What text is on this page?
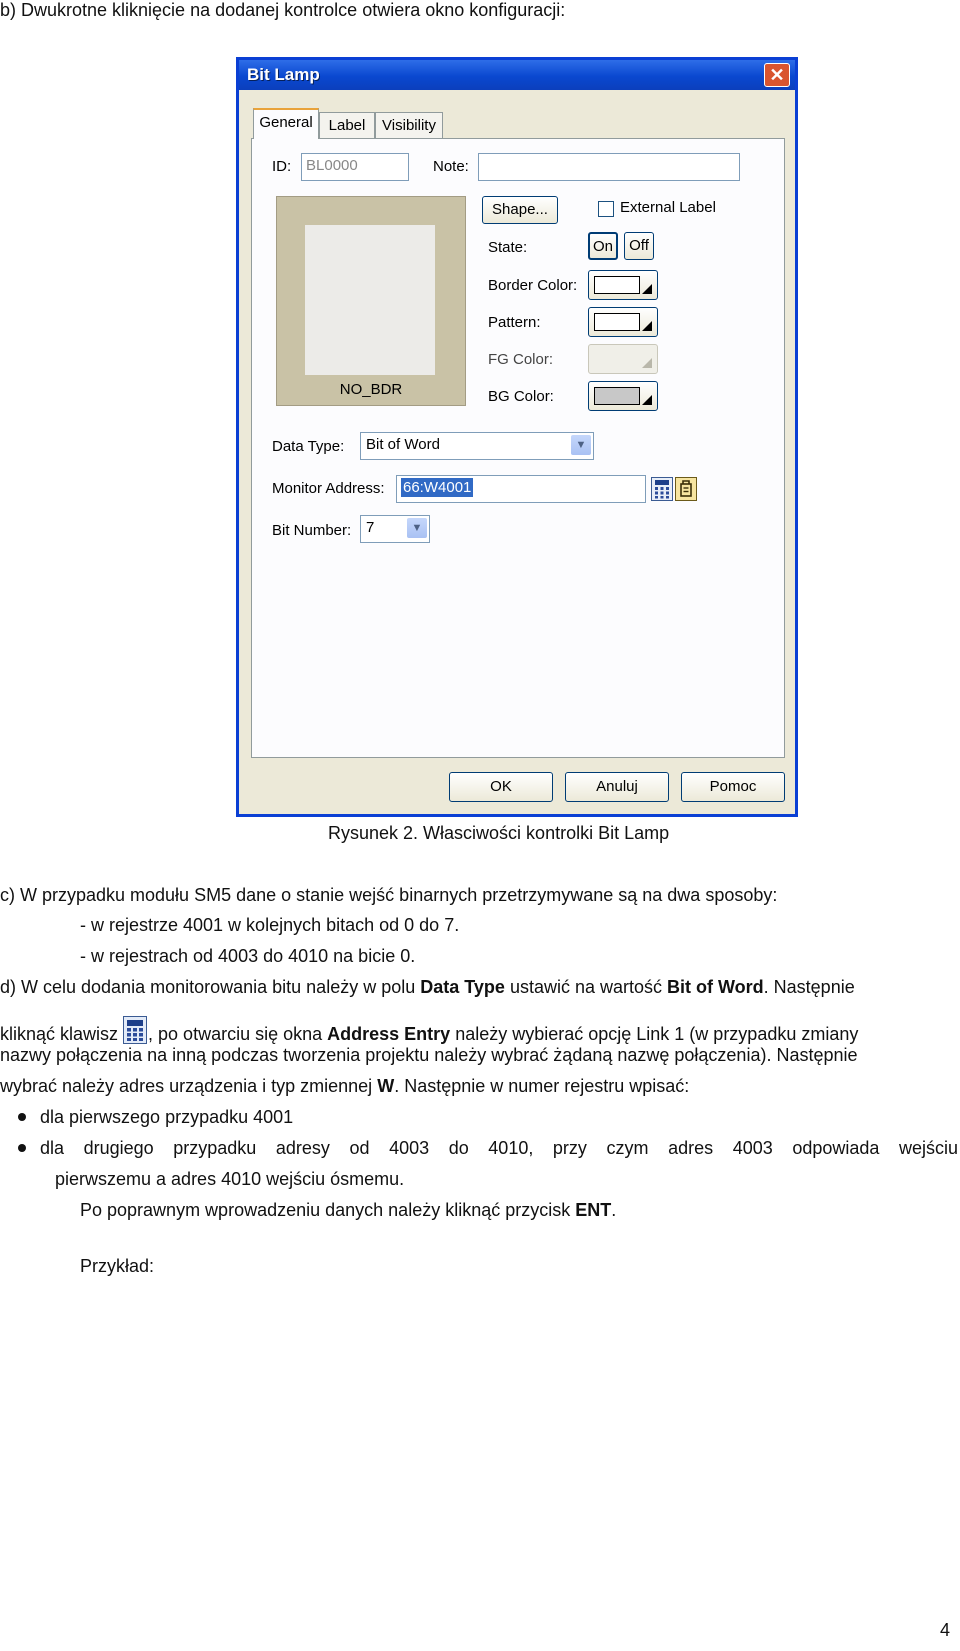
b) Dwukrotne kliknięcie na dodanej kontrolce otwiera okno konfiguracji:
Bit Lamp	✕
General	Label	Visibility
ID: BL0000	Note:
NO_BDR
Shape...	External Label
State:	On	Off
Border Color:
Pattern:
FG Color:
BG Color:
Data Type:	Bit of Word	▼
Monitor Address:	66:W4001
Bit Number: 7	▼
OK	Anuluj	Pomoc
Rysunek 2. Własciwości kontrolki Bit Lamp
c) W przypadku modułu SM5 dane o stanie wejść binarnych przetrzymywane są na dwa sposoby:
- w rejestrze 4001 w kolejnych bitach od 0 do 7.
- w rejestrach od 4003 do 4010 na bicie 0.
d) W celu dodania monitorowania bitu należy w polu Data Type ustawić na wartość Bit of Word. Następnie
kliknąć klawisz
, po otwarciu się okna Address Entry należy wybierać opcję Link 1 (w przypadku zmiany
nazwy połączenia na inną podczas tworzenia projektu należy wybrać żądaną nazwę połączenia). Następnie
wybrać należy adres urządzenia i typ zmiennej W. Następnie w numer rejestru wpisać:
dla pierwszego przypadku 4001
dla drugiego przypadku adresy od 4003 do 4010, przy czym adres 4003 odpowiada wejściu
pierwszemu a adres 4010 wejściu ósmemu.
Po poprawnym wprowadzeniu danych należy kliknąć przycisk ENT.
Przykład:
4
